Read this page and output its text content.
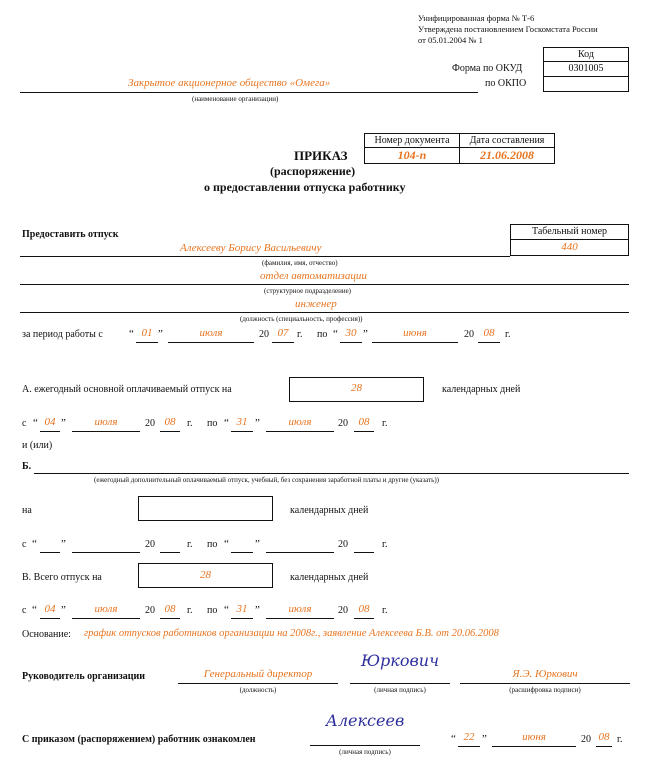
Унифицированная форма № Т-6
Утверждена постановлением Госкомстата России
от 05.01.2004 № 1
Код
0301005
Форма по ОКУД
по ОКПО
Закрытое акционерное общество «Омега»
(наименование организации)
Номер документа	Дата составления
104-п	21.06.2008
ПРИКАЗ
(распоряжение)
о предоставлении отпуска работнику
Предоставить отпуск	Табельный номер
440
Алексееву Борису Васильевичу
(фамилия, имя, отчество)
отдел автоматизации
(структурное подразделение)
инженер
(должность (специальность, профессия))
за период работы с “ 01 ”	июля	20 07 г. по “ 30 ”	июня	20 08	г.
А. ежегодный основной оплачиваемый отпуск на	28	календарных дней
с “ 04 ”	июля	20 08	г. по “ 31 ”	июля	20 08	г.
и (или)
Б.
(ежегодный дополнительный оплачиваемый отпуск, учебный, без сохранения заработной платы и другие (указать))
на	календарных дней
с “ ”	20	г. по “ ”	20	г.
В. Всего отпуск на	28	календарных дней
с “ 04 ”	июля	20 08	г. по “ 31 ”	июля	20 08	г.
Основание: график отпусков работников организации на 2008г., заявление Алексеева Б.В. от 20.06.2008
Руководитель организации	Генеральный директор
(должность)
Юркович
(личная подпись)
Я.Э. Юркович
(расшифровка подписи)
С приказом (распоряжением) работник ознакомлен
Алексеев
(личная подпись)
“ 22 ”	июня	20 08 г.
